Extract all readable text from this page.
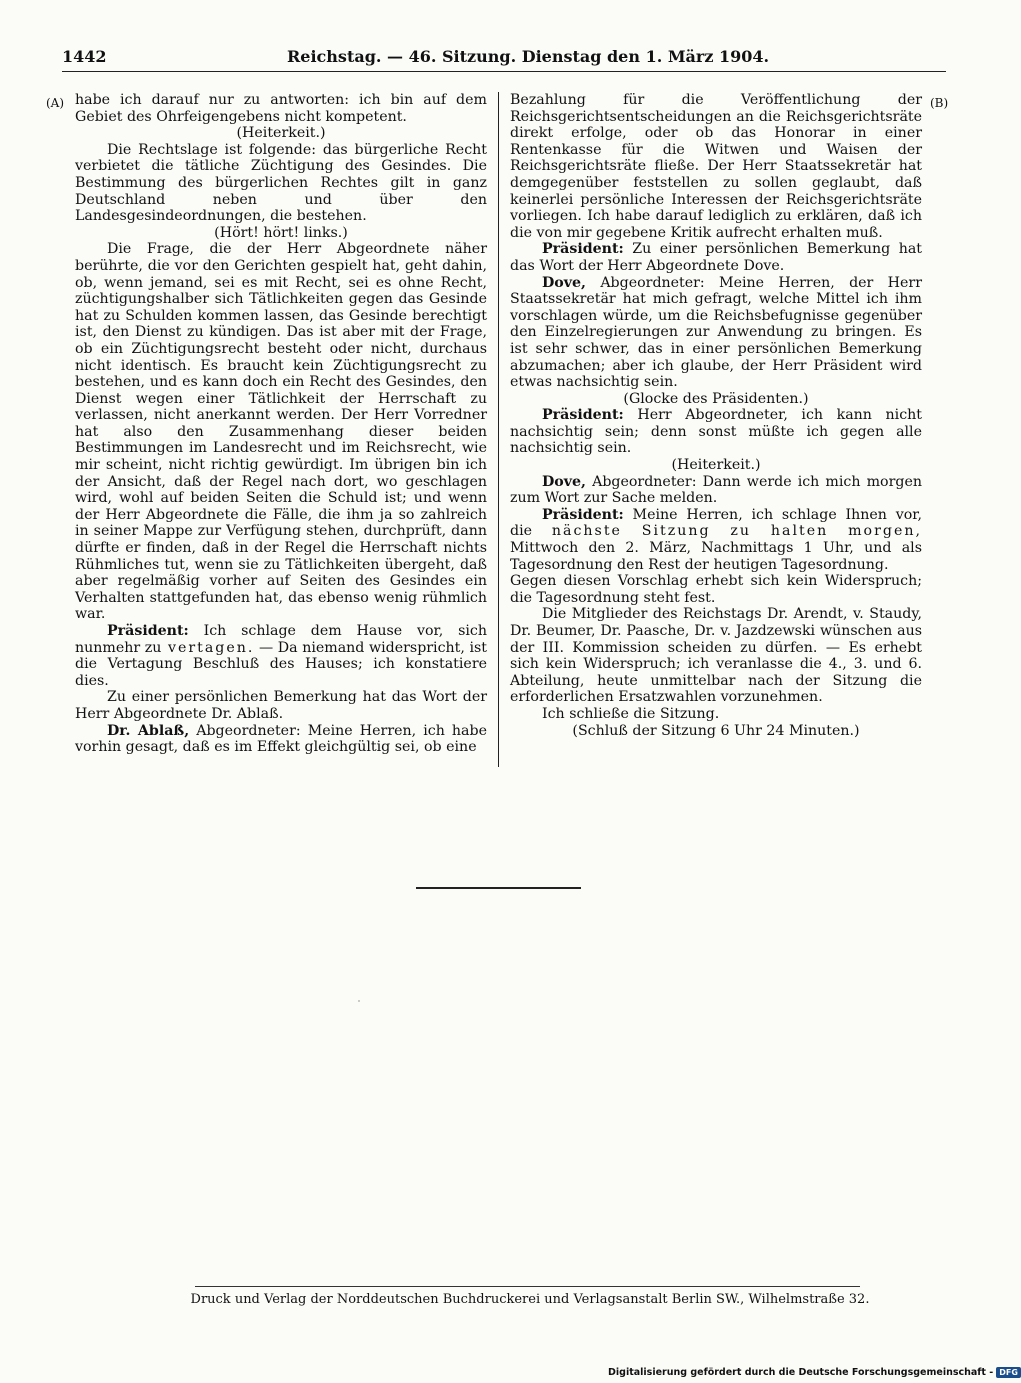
1442	Reichstag. — 46. Sitzung. Dienstag den 1. März 1904.
(A)	(B)

habe ich darauf nur zu antworten: ich bin auf dem Gebiet des Ohrfeigengebens nicht kompetent.

(Heiterkeit.)

Die Rechtslage ist folgende: das bürgerliche Recht verbietet die tätliche Züchtigung des Gesindes. Die Bestimmung des bürgerlichen Rechtes gilt in ganz Deutschland neben und über den Landesgesindeordnungen, die bestehen.

(Hört! hört! links.)

Die Frage, die der Herr Abgeordnete näher berührte, die vor den Gerichten gespielt hat, geht dahin, ob, wenn jemand, sei es mit Recht, sei es ohne Recht, züchtigungshalber sich Tätlichkeiten gegen das Gesinde hat zu Schulden kommen lassen, das Gesinde berechtigt ist, den Dienst zu kündigen. Das ist aber mit der Frage, ob ein Züchtigungsrecht besteht oder nicht, durchaus nicht identisch. Es braucht kein Züchtigungsrecht zu bestehen, und es kann doch ein Recht des Gesindes, den Dienst wegen einer Tätlichkeit der Herrschaft zu verlassen, nicht anerkannt werden. Der Herr Vorredner hat also den Zusammenhang dieser beiden Bestimmungen im Landesrecht und im Reichsrecht, wie mir scheint, nicht richtig gewürdigt. Im übrigen bin ich der Ansicht, daß der Regel nach dort, wo geschlagen wird, wohl auf beiden Seiten die Schuld ist; und wenn der Herr Abgeordnete die Fälle, die ihm ja so zahlreich in seiner Mappe zur Verfügung stehen, durchprüft, dann dürfte er finden, daß in der Regel die Herrschaft nichts Rühmliches tut, wenn sie zu Tätlichkeiten übergeht, daß aber regelmäßig vorher auf Seiten des Gesindes ein Verhalten stattgefunden hat, das ebenso wenig rühmlich war.

Präsident: Ich schlage dem Hause vor, sich nunmehr zu vertagen. — Da niemand widerspricht, ist die Vertagung Beschluß des Hauses; ich konstatiere dies.

Zu einer persönlichen Bemerkung hat das Wort der Herr Abgeordnete Dr. Ablaß.

Dr. Ablaß, Abgeordneter: Meine Herren, ich habe vorhin gesagt, daß es im Effekt gleichgültig sei, ob eine

Bezahlung für die Veröffentlichung der Reichsgerichtsentscheidungen an die Reichsgerichtsräte direkt erfolge, oder ob das Honorar in einer Rentenkasse für die Witwen und Waisen der Reichsgerichtsräte fließe. Der Herr Staatssekretär hat demgegenüber feststellen zu sollen geglaubt, daß keinerlei persönliche Interessen der Reichsgerichtsräte vorliegen. Ich habe darauf lediglich zu erklären, daß ich die von mir gegebene Kritik aufrecht erhalten muß.

Präsident: Zu einer persönlichen Bemerkung hat das Wort der Herr Abgeordnete Dove.

Dove, Abgeordneter: Meine Herren, der Herr Staatssekretär hat mich gefragt, welche Mittel ich ihm vorschlagen würde, um die Reichsbefugnisse gegenüber den Einzelregierungen zur Anwendung zu bringen. Es ist sehr schwer, das in einer persönlichen Bemerkung abzumachen; aber ich glaube, der Herr Präsident wird etwas nachsichtig sein.

(Glocke des Präsidenten.)

Präsident: Herr Abgeordneter, ich kann nicht nachsichtig sein; denn sonst müßte ich gegen alle nachsichtig sein.

(Heiterkeit.)

Dove, Abgeordneter: Dann werde ich mich morgen zum Wort zur Sache melden.

Präsident: Meine Herren, ich schlage Ihnen vor, die nächste Sitzung zu halten morgen, Mittwoch den 2. März, Nachmittags 1 Uhr, und als Tagesordnung den Rest der heutigen Tagesordnung.

Gegen diesen Vorschlag erhebt sich kein Widerspruch; die Tagesordnung steht fest.

Die Mitglieder des Reichstags Dr. Arendt, v. Staudy, Dr. Beumer, Dr. Paasche, Dr. v. Jazdzewski wünschen aus der III. Kommission scheiden zu dürfen. — Es erhebt sich kein Widerspruch; ich veranlasse die 4., 3. und 6. Abteilung, heute unmittelbar nach der Sitzung die erforderlichen Ersatzwahlen vorzunehmen.

Ich schließe die Sitzung.

(Schluß der Sitzung 6 Uhr 24 Minuten.)

Druck und Verlag der Norddeutschen Buchdruckerei und Verlagsanstalt Berlin SW., Wilhelmstraße 32.
Digitalisierung gefördert durch die Deutsche Forschungsgemeinschaft - DFG
